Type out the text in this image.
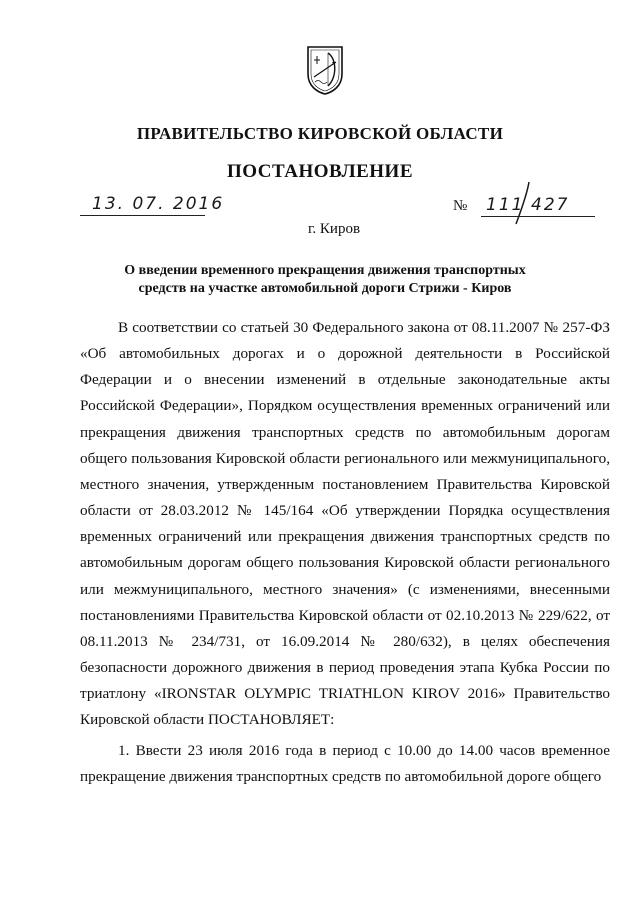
ПРАВИТЕЛЬСТВО КИРОВСКОЙ ОБЛАСТИ
ПОСТАНОВЛЕНИЕ
13. 07. 2016	№ 111 427
г. Киров
О введении временного прекращения движения транспортных
средств на участке автомобильной дороги Стрижи - Киров

В соответствии со статьей 30 Федерального закона от 08.11.2007 № 257-ФЗ «Об автомобильных дорогах и о дорожной деятельности в Российской Федерации и о внесении изменений в отдельные законодательные акты Российской Федерации», Порядком осуществления временных ограничений или прекращения движения транспортных средств по автомобильным дорогам общего пользования Кировской области регионального или межмуниципального, местного значения, утвержденным постановлением Правительства Кировской области от 28.03.2012 № 145/164 «Об утверждении Порядка осуществления временных ограничений или прекращения движения транспортных средств по автомобильным дорогам общего пользования Кировской области регионального или межмуниципального, местного значения» (с изменениями, внесенными постановлениями Правительства Кировской области от 02.10.2013 № 229/622, от 08.11.2013 № 234/731, от 16.09.2014 № 280/632), в целях обеспечения безопасности дорожного движения в период проведения этапа Кубка России по триатлону «IRONSTAR OLYMPIC TRIATHLON KIROV 2016» Правительство Кировской области ПОСТАНОВЛЯЕТ:

1. Ввести 23 июля 2016 года в период с 10.00 до 14.00 часов временное прекращение движения транспортных средств по автомобильной дороге общего
